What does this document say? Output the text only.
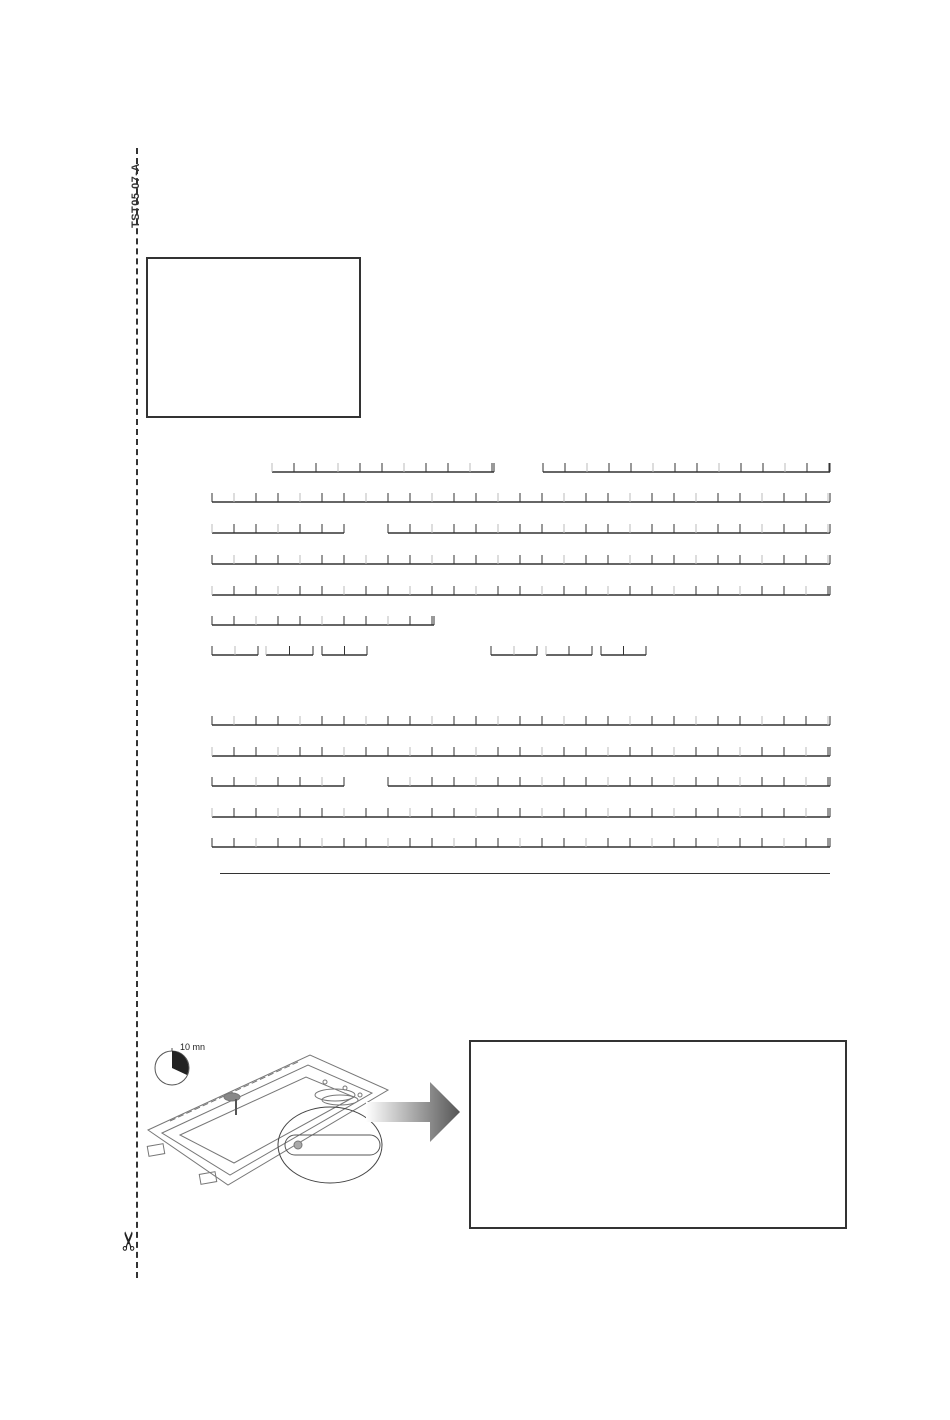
TST05 07-A
10 mn
✂
